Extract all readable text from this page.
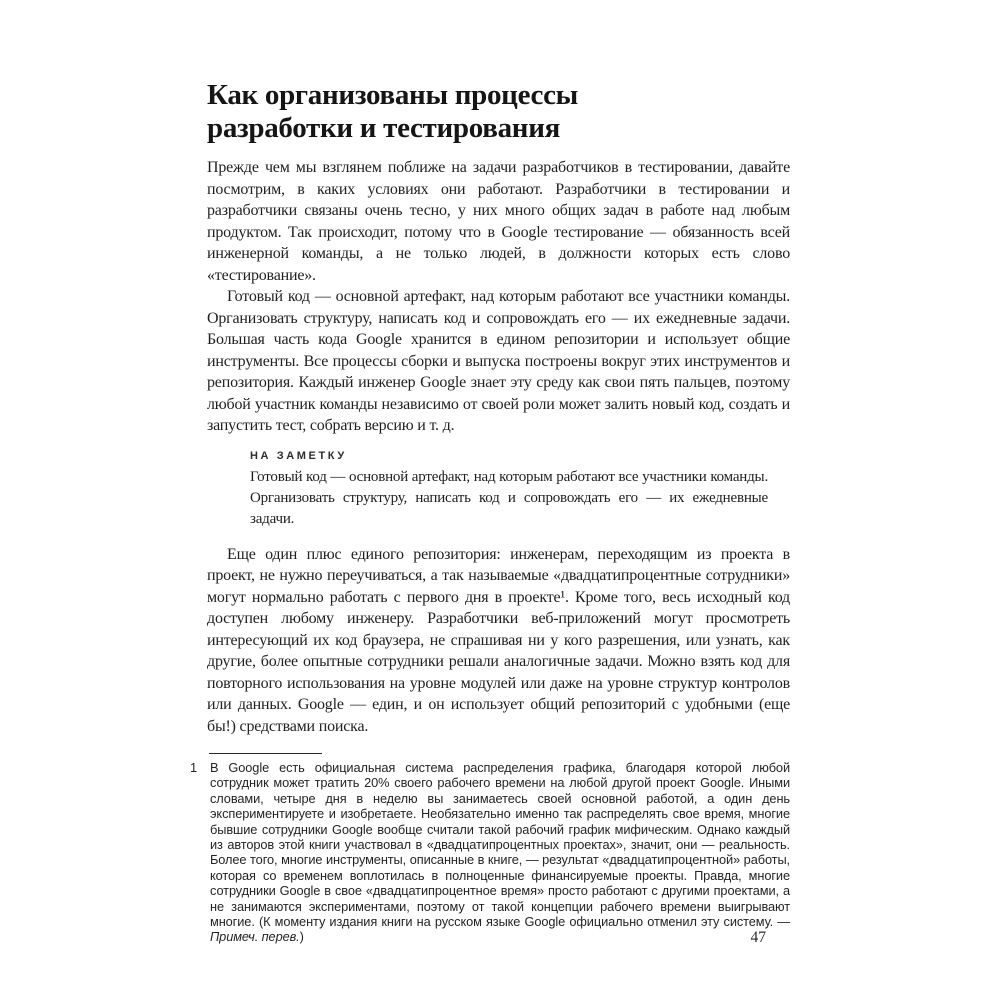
Как организованы процессы
разработки и тестирования
Прежде чем мы взглянем поближе на задачи разработчиков в тестировании, давайте посмотрим, в каких условиях они работают. Разработчики в тестировании и разработчики связаны очень тесно, у них много общих задач в работе над любым продуктом. Так происходит, потому что в Google тестирование — обязанность всей инженерной команды, а не только людей, в должности которых есть слово «тестирование».
Готовый код — основной артефакт, над которым работают все участники команды. Организовать структуру, написать код и сопровождать его — их ежедневные задачи. Большая часть кода Google хранится в едином репозитории и использует общие инструменты. Все процессы сборки и выпуска построены вокруг этих инструментов и репозитория. Каждый инженер Google знает эту среду как свои пять пальцев, поэтому любой участник команды независимо от своей роли может залить новый код, создать и запустить тест, собрать версию и т. д.
НА ЗАМЕТКУ
Готовый код — основной артефакт, над которым работают все участники команды. Организовать структуру, написать код и сопровождать его — их ежедневные задачи.
Еще один плюс единого репозитория: инженерам, переходящим из проекта в проект, не нужно переучиваться, а так называемые «двадцатипроцентные сотрудники» могут нормально работать с первого дня в проекте¹. Кроме того, весь исходный код доступен любому инженеру. Разработчики веб-приложений могут просмотреть интересующий их код браузера, не спрашивая ни у кого разрешения, или узнать, как другие, более опытные сотрудники решали аналогичные задачи. Можно взять код для повторного использования на уровне модулей или даже на уровне структур контролов или данных. Google — един, и он использует общий репозиторий с удобными (еще бы!) средствами поиска.
1	В Google есть официальная система распределения графика, благодаря которой любой сотрудник может тратить 20% своего рабочего времени на любой другой проект Google. Иными словами, четыре дня в неделю вы занимаетесь своей основной работой, а один день экспериментируете и изобретаете. Необязательно именно так распределять свое время, многие бывшие сотрудники Google вообще считали такой рабочий график мифическим. Однако каждый из авторов этой книги участвовал в «двадцатипроцентных проектах», значит, они — реальность. Более того, многие инструменты, описанные в книге, — результат «двадцатипроцентной» работы, которая со временем воплотилась в полноценные финансируемые проекты. Правда, многие сотрудники Google в свое «двадцатипроцентное время» просто работают с другими проектами, а не занимаются экспериментами, поэтому от такой концепции рабочего времени выигрывают многие. (К моменту издания книги на русском языке Google официально отменил эту систему. — Примеч. перев.)	47
